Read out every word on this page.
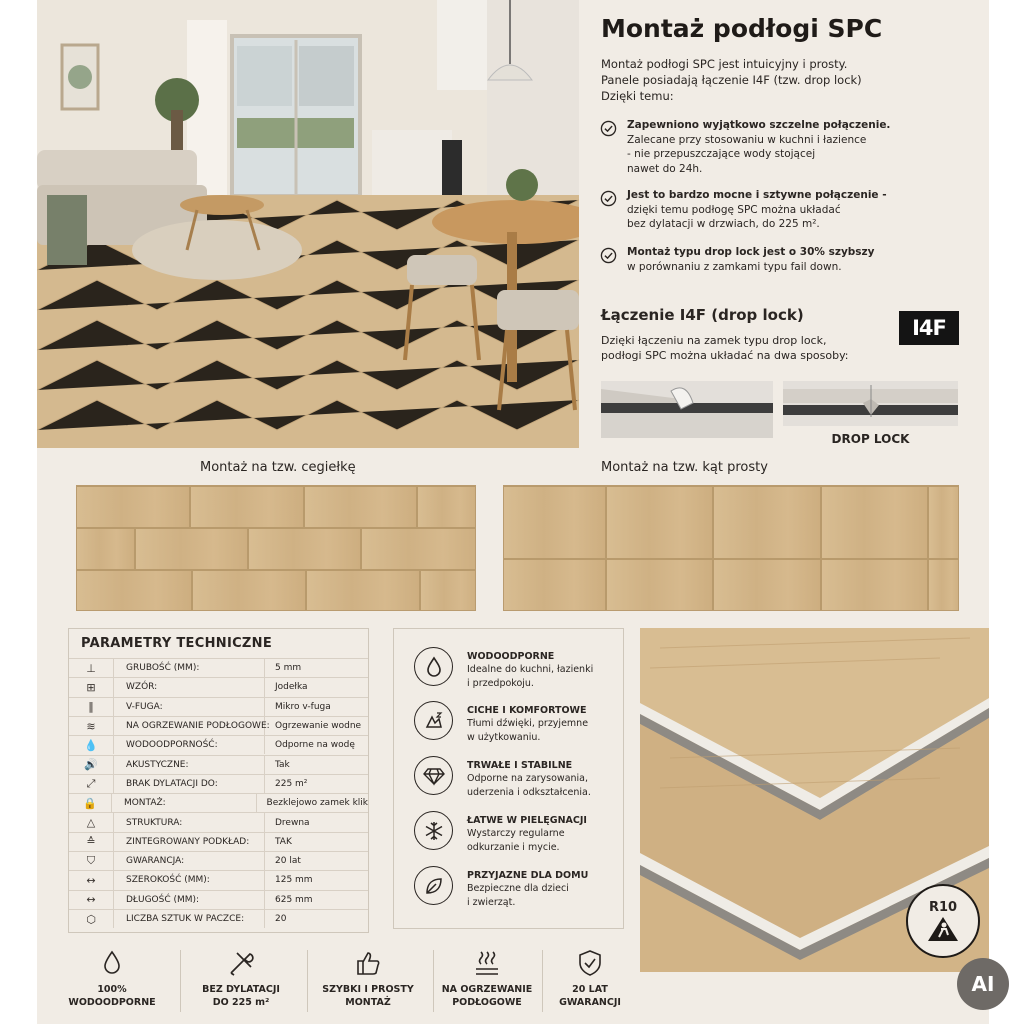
Montaż podłogi SPC
Montaż podłogi SPC jest intuicyjny i prosty.
Panele posiadają łączenie I4F (tzw. drop lock)
Dzięki temu:
Zapewniono wyjątkowo szczelne połączenie.
Zalecane przy stosowaniu w kuchni i łazience
- nie przepuszczające wody stojącej
nawet do 24h.
Jest to bardzo mocne i sztywne połączenie -
dzięki temu podłogę SPC można układać
bez dylatacji w drzwiach, do 225 m².
Montaż typu drop lock jest o 30% szybszy
w porównaniu z zamkami typu fail down.
Łączenie I4F (drop lock)
I4F
Dzięki łączeniu na zamek typu drop lock,
podłogi SPC można układać na dwa sposoby:
DROP LOCK
Montaż na tzw. cegiełkę	Montaż na tzw. kąt prosty
PARAMETRY TECHNICZNE
⊥	GRUBOŚĆ (MM):	5 mm
⊞	WZÓR:	Jodełka
‖	V-FUGA:	Mikro v-fuga
≋	NA OGRZEWANIE PODŁOGOWE: Ogrzewanie wodne
💧	WODOODPORNOŚĆ:	Odporne na wodę
🔊	AKUSTYCZNE:	Tak
⤢	BRAK DYLATACJI DO:	225 m²
🔒	MONTAŻ:	Bezklejowo zamek klik
△	STRUKTURA:	Drewna
≙	ZINTEGROWANY PODKŁAD:	TAK
⛉	GWARANCJA:	20 lat
↔	SZEROKOŚĆ (MM):	125 mm
↔	DŁUGOŚĆ (MM):	625 mm
⬡	LICZBA SZTUK W PACZCE:	20
WODOODPORNE
Idealne do kuchni, łazienki
i przedpokoju.
CICHE I KOMFORTOWE
Tłumi dźwięki, przyjemne
w użytkowaniu.
TRWAŁE I STABILNE
Odporne na zarysowania,
uderzenia i odkształcenia.
ŁATWE W PIELĘGNACJI
Wystarczy regularne
odkurzanie i mycie.
PRZYJAZNE DLA DOMU
Bezpieczne dla dzieci
i zwierząt.	R10
100%
WODOODPORNE
BEZ DYLATACJI
DO 225 m²
SZYBKI I PROSTY
MONTAŻ
NA OGRZEWANIE
PODŁOGOWE
20 LAT
GWARANCJI
AI
